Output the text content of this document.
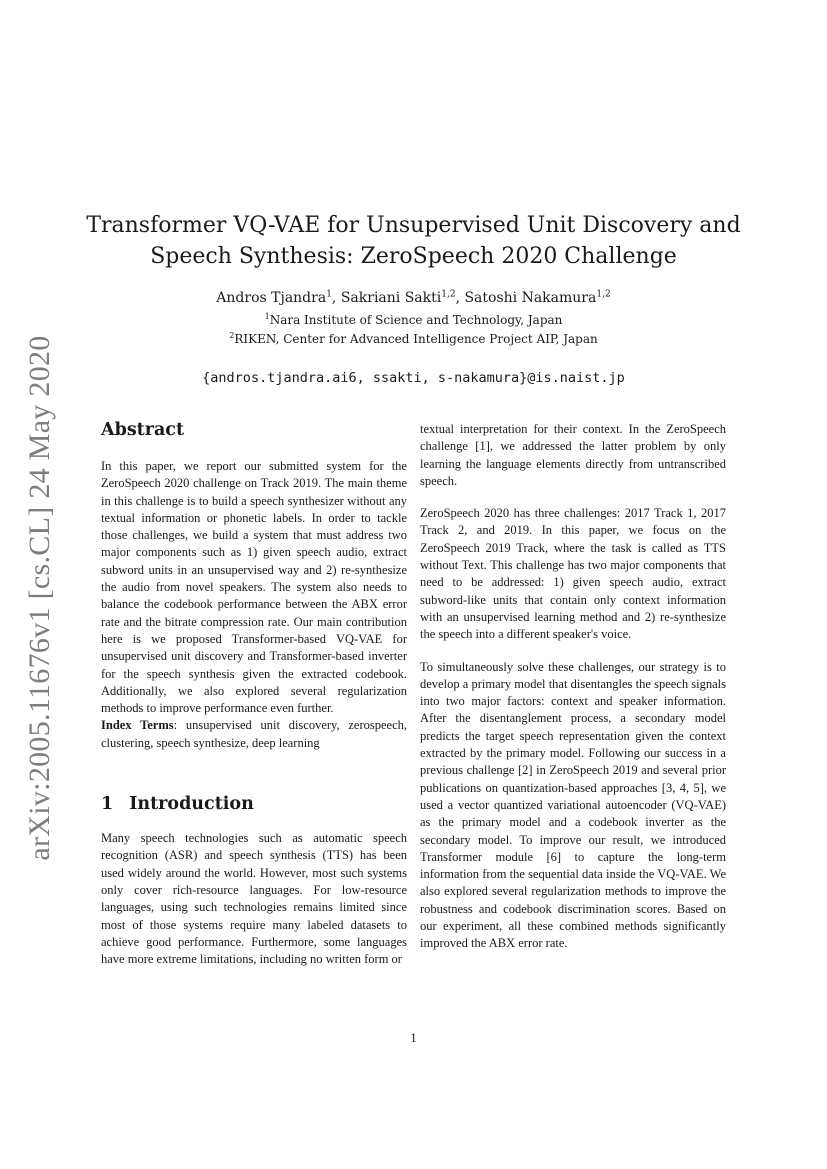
arXiv:2005.11676v1 [cs.CL] 24 May 2020
Transformer VQ-VAE for Unsupervised Unit Discovery and
Speech Synthesis: ZeroSpeech 2020 Challenge
Andros Tjandra$^1$, Sakriani Sakti$^{1,2}$, Satoshi Nakamura$^{1,2}$
$^1$Nara Institute of Science and Technology, Japan
$^2$RIKEN, Center for Advanced Intelligence Project AIP, Japan
{andros.tjandra.ai6, ssakti, s-nakamura}@is.naist.jp
Abstract

In this paper, we report our submitted system for the ZeroSpeech 2020 challenge on Track 2019. The main theme in this challenge is to build a speech synthesizer without any textual information or phonetic labels. In order to tackle those challenges, we build a system that must address two major components such as 1) given speech audio, extract subword units in an unsupervised way and 2) re-synthesize the audio from novel speakers. The system also needs to balance the codebook performance between the ABX error rate and the bitrate compression rate. Our main contribution here is we proposed Transformer-based VQ-VAE for unsupervised unit discovery and Transformer-based inverter for the speech synthesis given the extracted codebook. Additionally, we also explored several regularization methods to improve performance even further.

Index Terms: unsupervised unit discovery, zerospeech, clustering, speech synthesize, deep learning

1 Introduction

Many speech technologies such as automatic speech recognition (ASR) and speech synthesis (TTS) has been used widely around the world. However, most such systems only cover rich-resource languages. For low-resource languages, using such technologies remains limited since most of those systems require many labeled datasets to achieve good performance. Furthermore, some languages have more extreme limitations, including no written form or

textual interpretation for their context. In the ZeroSpeech challenge [1], we addressed the latter problem by only learning the language elements directly from untranscribed speech.

ZeroSpeech 2020 has three challenges: 2017 Track 1, 2017 Track 2, and 2019. In this paper, we focus on the ZeroSpeech 2019 Track, where the task is called as TTS without Text. This challenge has two major components that need to be addressed: 1) given speech audio, extract subword-like units that contain only context information with an unsupervised learning method and 2) re-synthesize the speech into a different speaker's voice.

To simultaneously solve these challenges, our strategy is to develop a primary model that disentangles the speech signals into two major factors: context and speaker information. After the disentanglement process, a secondary model predicts the target speech representation given the context extracted by the primary model. Following our success in a previous challenge [2] in ZeroSpeech 2019 and several prior publications on quantization-based approaches [3, 4, 5], we used a vector quantized variational autoencoder (VQ-VAE) as the primary model and a codebook inverter as the secondary model. To improve our result, we introduced Transformer module [6] to capture the long-term information from the sequential data inside the VQ-VAE. We also explored several regularization methods to improve the robustness and codebook discrimination scores. Based on our experiment, all these combined methods significantly improved the ABX error rate.

1
